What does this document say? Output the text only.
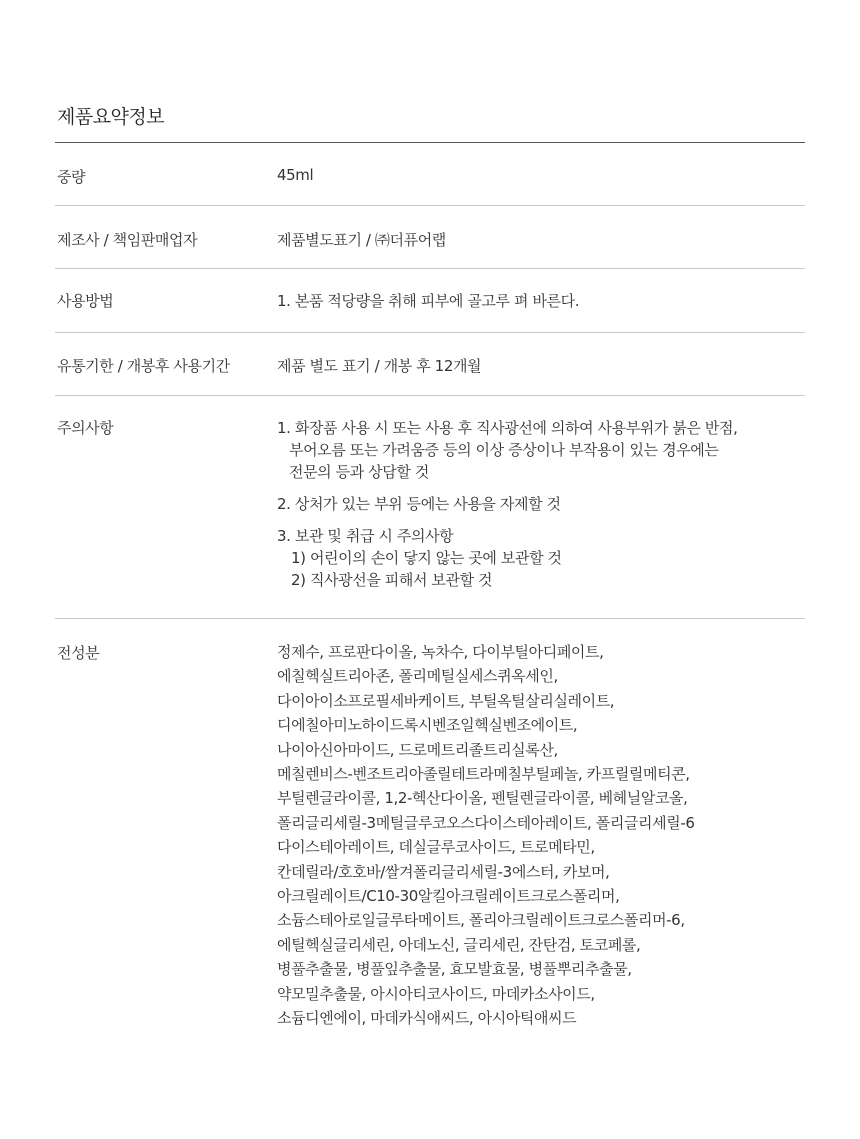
제품요약정보
중량	45ml
제조사 / 책임판매업자	제품별도표기 / ㈜더퓨어랩
사용방법	1. 본품 적당량을 취해 피부에 골고루 펴 바른다.
유통기한 / 개봉후 사용기간	제품 별도 표기 / 개봉 후 12개월
주의사항	1. 화장품 사용 시 또는 사용 후 직사광선에 의하여 사용부위가 붉은 반점,
부어오름 또는 가려움증 등의 이상 증상이나 부작용이 있는 경우에는
전문의 등과 상담할 것
2. 상처가 있는 부위 등에는 사용을 자제할 것
3. 보관 및 취급 시 주의사항
1) 어린이의 손이 닿지 않는 곳에 보관할 것
2) 직사광선을 피해서 보관할 것
전성분	정제수, 프로판다이올, 녹차수, 다이부틸아디페이트,
에칠헥실트리아존, 폴리메틸실세스퀴옥세인,
다이아이소프로필세바케이트, 부틸옥틸살리실레이트,
디에칠아미노하이드록시벤조일헥실벤조에이트,
나이아신아마이드, 드로메트리졸트리실록산,
메칠렌비스-벤조트리아졸릴테트라메칠부틸페놀, 카프릴릴메티콘,
부틸렌글라이콜, 1,2-헥산다이올, 펜틸렌글라이콜, 베헤닐알코올,
폴리글리세릴-3메틸글루코오스다이스테아레이트, 폴리글리세릴-6
다이스테아레이트, 데실글루코사이드, 트로메타민,
칸데릴라/호호바/쌀겨폴리글리세릴-3에스터, 카보머,
아크릴레이트/C10-30알킬아크릴레이트크로스폴리머,
소듐스테아로일글루타메이트, 폴리아크릴레이트크로스폴리머-6,
에틸헥실글리세린, 아데노신, 글리세린, 잔탄검, 토코페롤,
병풀추출물, 병풀잎추출물, 효모발효물, 병풀뿌리추출물,
약모밀추출물, 아시아티코사이드, 마데카소사이드,
소듐디엔에이, 마데카식애씨드, 아시아틱애씨드
